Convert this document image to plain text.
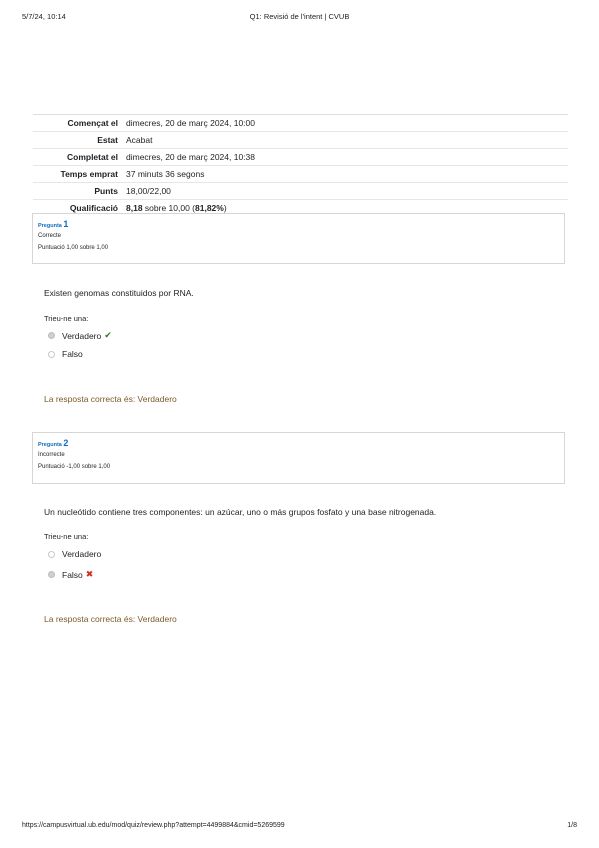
5/7/24, 10:14	Q1: Revisió de l'intent | CVUB
Començat el	dimecres, 20 de març 2024, 10:00
Estat	Acabat
Completat el	dimecres, 20 de març 2024, 10:38
Temps emprat	37 minuts 36 segons
Punts	18,00/22,00
Qualificació	8,18 sobre 10,00 (81,82%)
Pregunta 1
Correcte
Puntuació 1,00 sobre 1,00
Existen genomas constituidos por RNA.
Trieu-ne una:
Verdadero ✔
Falso
La resposta correcta és: Verdadero
Pregunta 2
Incorrecte
Puntuació -1,00 sobre 1,00
Un nucleótido contiene tres componentes: un azúcar, uno o más grupos fosfato y una base nitrogenada.
Trieu-ne una:
Verdadero
Falso ✖
La resposta correcta és: Verdadero
https://campusvirtual.ub.edu/mod/quiz/review.php?attempt=4499884&cmid=5269599	1/8
